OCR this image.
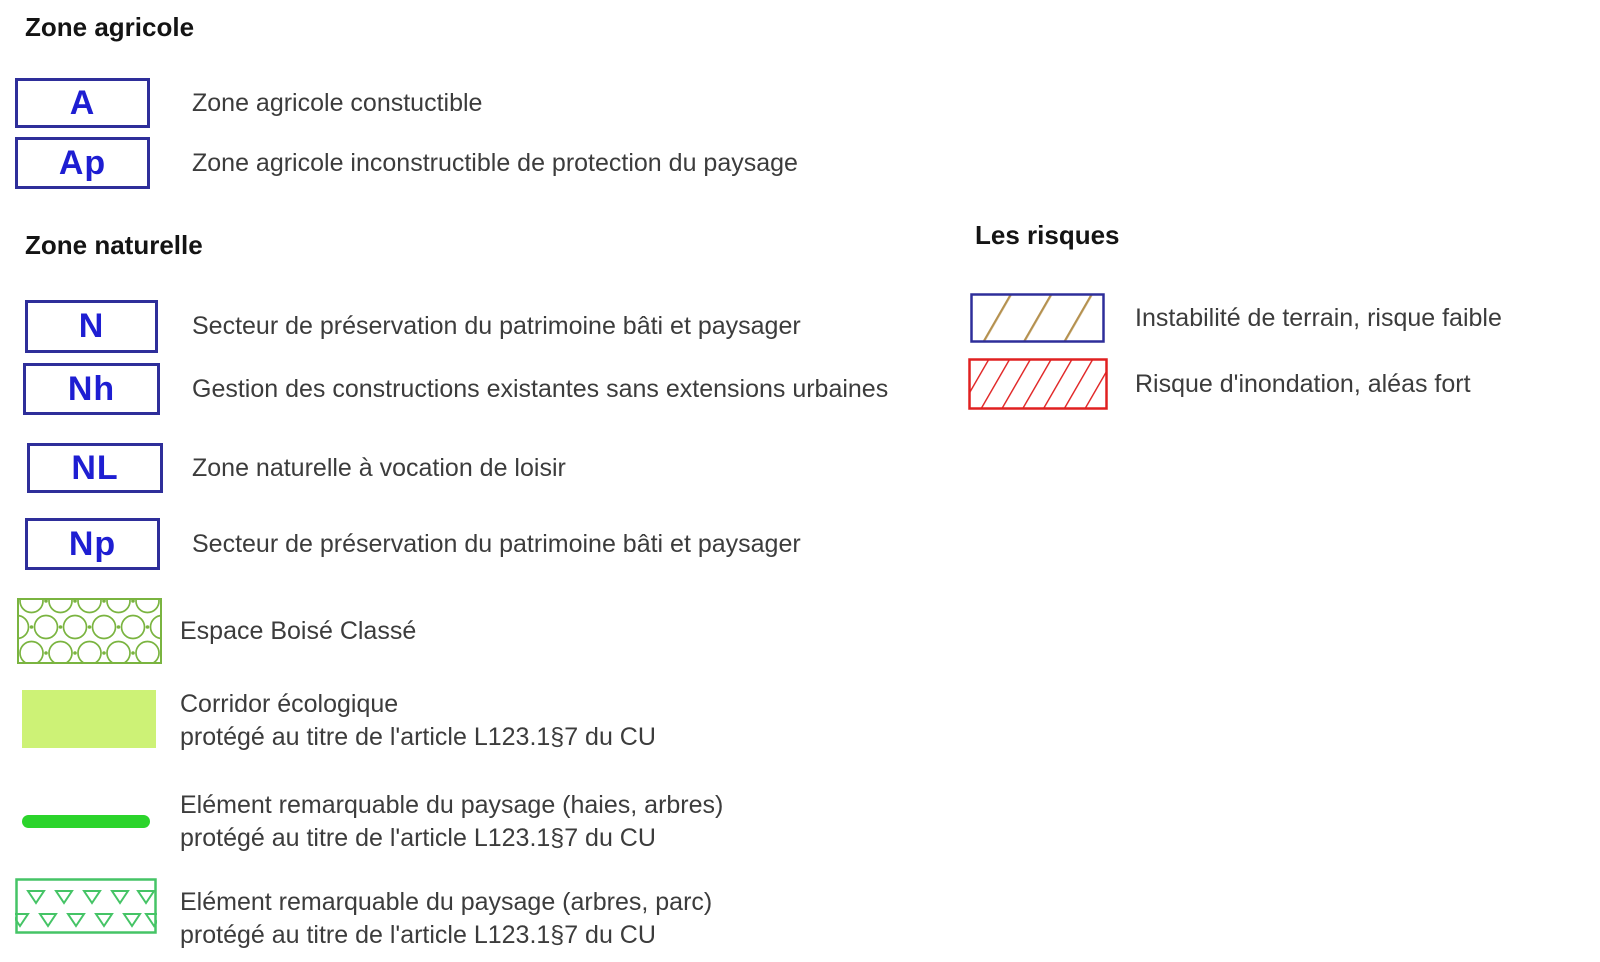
Zone agricole
A	Zone agricole constuctible
Ap	Zone agricole inconstructible de protection du paysage
Zone naturelle
N	Secteur de préservation du patrimoine bâti et paysager
Nh	Gestion des constructions existantes sans extensions urbaines
NL	Zone naturelle à vocation de loisir
Np	Secteur de préservation du patrimoine bâti et paysager
Espace Boisé Classé
Corridor écologique
protégé au titre de l'article L123.1§7 du CU
Elément remarquable du paysage (haies, arbres)
protégé au titre de l'article L123.1§7 du CU
Elément remarquable du paysage (arbres, parc)
protégé au titre de l'article L123.1§7 du CU
Les risques
Instabilité de terrain, risque faible
Risque d'inondation, aléas fort
